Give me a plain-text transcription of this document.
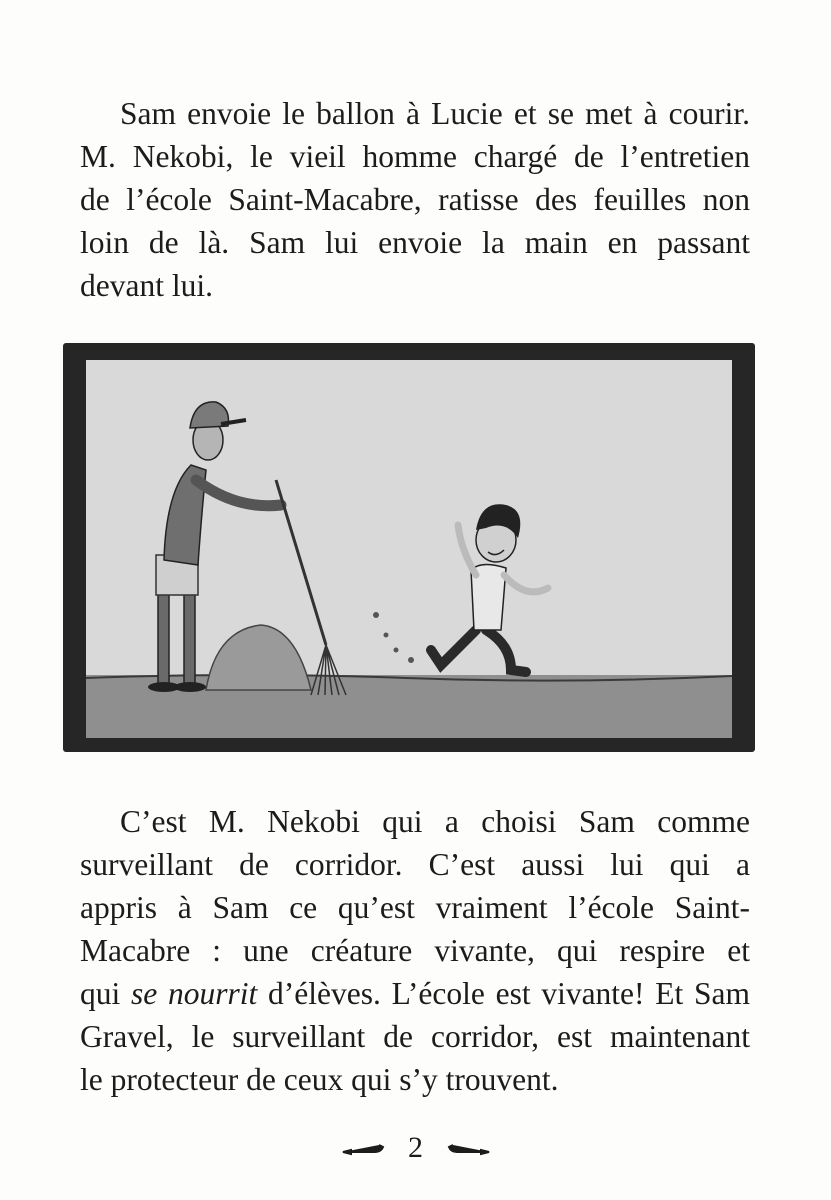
Sam envoie le ballon à Lucie et se met à courir.
M. Nekobi, le vieil homme chargé de l’entretien
de l’école Saint-Macabre, ratisse des feuilles non
loin de là. Sam lui envoie la main en passant
devant lui.
C’est M. Nekobi qui a choisi Sam comme
surveillant de corridor. C’est aussi lui qui a
appris à Sam ce qu’est vraiment l’école Saint-
Macabre : une créature vivante, qui respire et
qui se nourrit d’élèves. L’école est vivante! Et Sam
Gravel, le surveillant de corridor, est maintenant
le protecteur de ceux qui s’y trouvent.
2
